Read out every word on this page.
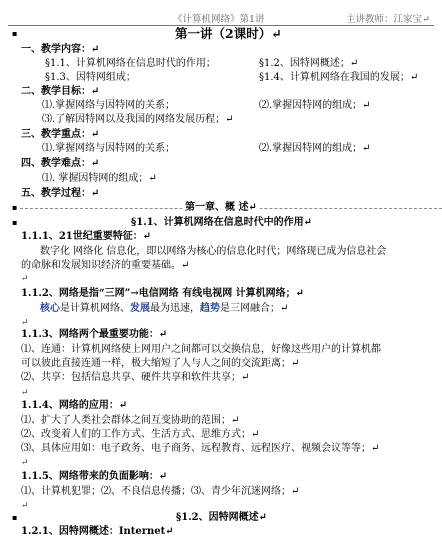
《计算机网络》第1讲	主讲教师：江家宝↵
▪	第一讲（2课时）↵
一、教学内容：↵
§1.1、计算机网络在信息时代的作用；	§1.2、因特网概述；↵
§1.3、因特网组成；	§1.4、计算机网络在我国的发展；↵
二、教学目标：↵
⑴.掌握网络与因特网的关系；	⑵.掌握因特网的组成；↵
⑶.了解因特网以及我国的网络发展历程；↵
三、教学重点：↵
⑴.掌握网络与因特网的关系；	⑵.掌握因特网的组成；↵
四、教学难点：↵
⑴. 掌握因特网的组成；↵
五、教学过程：↵
▪	第一章、概 述↵
▪	§1.1、计算机网络在信息时代中的作用↵
1.1.1、21世纪重要特征：↵
数字化 网络化 信息化，即以网络为核心的信息化时代；网络现已成为信息社会
的命脉和发展知识经济的重要基础。↵
↵
1.1.2、网络是指“三网”→电信网络 有线电视网 计算机网络；↵
核心是计算机网络、发展最为迅速，趋势是三网融合；↵
↵
1.1.3、网络两个最重要功能：↵
⑴、连通：计算机网络使上网用户之间都可以交换信息，好像这些用户的计算机都
可以彼此直接连通一样，极大缩短了人与人之间的交流距离；↵
⑵、共享：包括信息共享、硬件共享和软件共享；↵
↵
1.1.4、网络的应用：↵
⑴、扩大了人类社会群体之间互变协助的范围；↵
⑵、改变着人们的工作方式、生活方式、思维方式；↵
⑶、具体应用如：电子政务、电子商务、远程教育、远程医疗、视频会议等等；↵
↵
1.1.5、网络带来的负面影响：↵
⑴、计算机犯罪；⑵、不良信息传播；⑶、青少年沉迷网络；↵
↵
▪	§1.2、因特网概述↵
1.2.1、因特网概述：Internet↵
